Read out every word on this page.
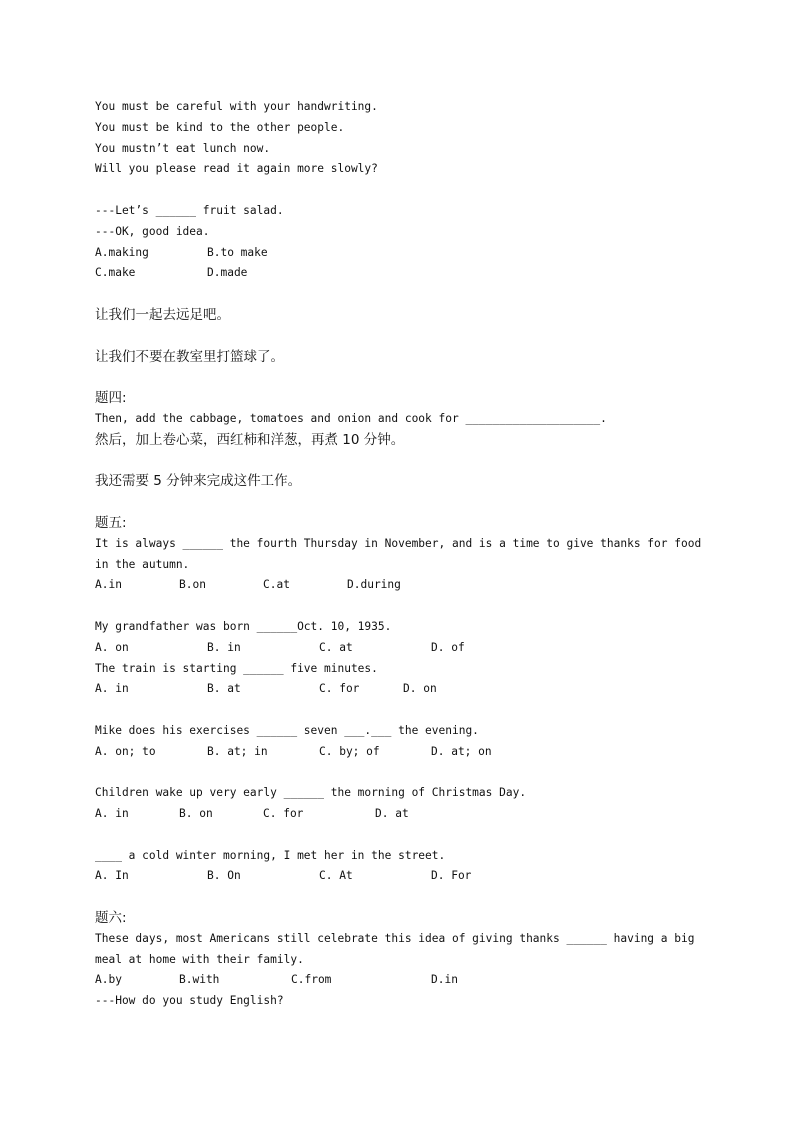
You must be careful with your handwriting.
You must be kind to the other people.
You mustn’t eat lunch now.
Will you please read it again more slowly?
---Let’s ______ fruit salad.
---OK, good idea.
A.making	B.to make
C.make	D.made
让我们一起去远足吧。
让我们不要在教室里打篮球了。
题四:
Then, add the cabbage, tomatoes and onion and cook for ____________________.
然后，加上卷心菜，西红柿和洋葱，再煮 10 分钟。
我还需要 5 分钟来完成这件工作。
题五:
It is always ______ the fourth Thursday in November, and is a time to give thanks for food in the autumn.
A.in	B.on	C.at	D.during
My grandfather was born ______Oct. 10, 1935.
A. on	B. in	C. at	D. of
The train is starting ______ five minutes.
A. in	B. at	C. for	D. on
Mike does his exercises ______ seven ___.___ the evening.
A. on; to	B. at; in	C. by; of	D. at; on
Children wake up very early ______ the morning of Christmas Day.
A. in	B. on	C. for	D. at
____ a cold winter morning, I met her in the street.
A. In	B. On	C. At	D. For
题六:
These days, most Americans still celebrate this idea of giving thanks ______ having a big meal at home with their family.
A.by	B.with	C.from	D.in
---How do you study English?
